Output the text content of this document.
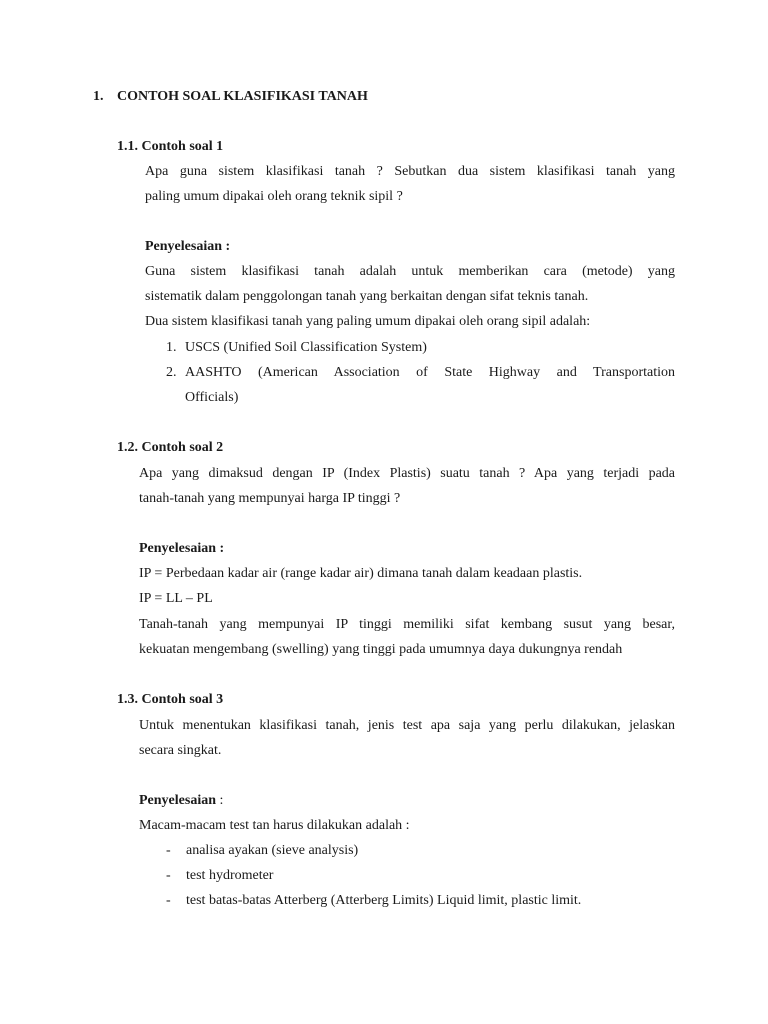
1. CONTOH SOAL KLASIFIKASI TANAH
1.1. Contoh soal 1
Apa guna sistem klasifikasi tanah ? Sebutkan dua sistem klasifikasi tanah yang
paling umum dipakai oleh orang teknik sipil ?
Penyelesaian :
Guna sistem klasifikasi tanah adalah untuk memberikan cara (metode) yang
sistematik dalam penggolongan tanah yang berkaitan dengan sifat teknis tanah.
Dua sistem klasifikasi tanah yang paling umum dipakai oleh orang sipil adalah:
1. USCS (Unified Soil Classification System)
2. AASHTO (American Association of State Highway and Transportation
Officials)
1.2. Contoh soal 2
Apa yang dimaksud dengan IP (Index Plastis) suatu tanah ? Apa yang terjadi pada
tanah-tanah yang mempunyai harga IP tinggi ?
Penyelesaian :
IP = Perbedaan kadar air (range kadar air) dimana tanah dalam keadaan plastis.
IP = LL – PL
Tanah-tanah yang mempunyai IP tinggi memiliki sifat kembang susut yang besar,
kekuatan mengembang (swelling) yang tinggi pada umumnya daya dukungnya rendah
1.3. Contoh soal 3
Untuk menentukan klasifikasi tanah, jenis test apa saja yang perlu dilakukan, jelaskan
secara singkat.
Penyelesaian :
Macam-macam test tan harus dilakukan adalah :
- analisa ayakan (sieve analysis)
- test hydrometer
- test batas-batas Atterberg (Atterberg Limits) Liquid limit, plastic limit.
